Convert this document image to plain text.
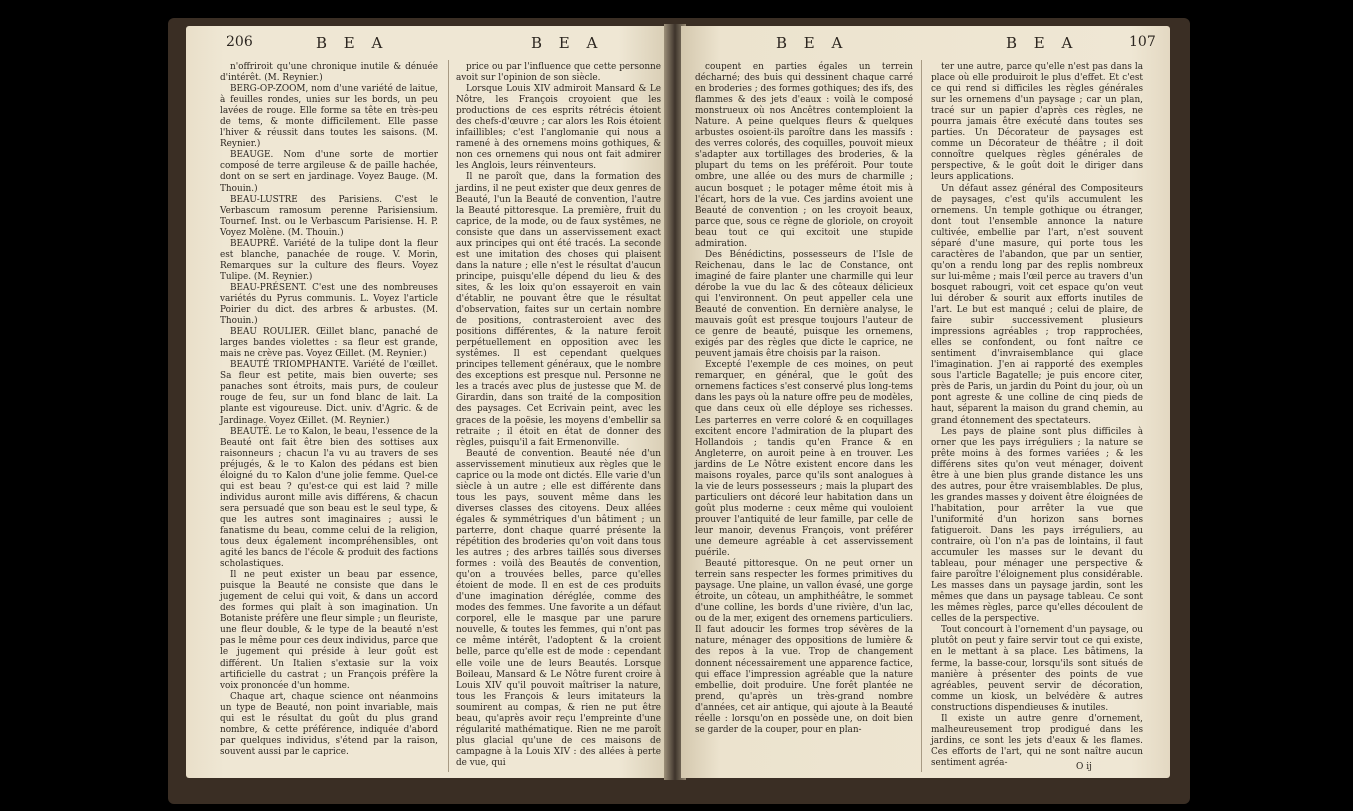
206	B E A	B E A

n'offriroit qu'une chronique inutile & dénuée d'intérêt. (M. Reynier.)

BERG-OP-ZOOM, nom d'une variété de laitue, à feuilles rondes, unies sur les bords, un peu lavées de rouge. Elle forme sa tête en très-peu de tems, & monte difficilement. Elle passe l'hiver & réussit dans toutes les saisons. (M. Reynier.)

BEAUGE. Nom d'une sorte de mortier composé de terre argileuse & de paille hachée, dont on se sert en jardinage. Voyez Bauge. (M. Thouin.)

BEAU-LUSTRE des Parisiens. C'est le Verbascum ramosum perenne Parisiensium. Tournef. Inst. ou le Verbascum Parisiense. H. P. Voyez Molène. (M. Thouin.)

BEAUPRÉ. Variété de la tulipe dont la fleur est blanche, panachée de rouge. V. Morin, Remarques sur la culture des fleurs. Voyez Tulipe. (M. Reynier.)

BEAU-PRÉSENT. C'est une des nombreuses variétés du Pyrus communis. L. Voyez l'article Poirier du dict. des arbres & arbustes. (M. Thouin.)

BEAU ROULIER. Œillet blanc, panaché de larges bandes violettes : sa fleur est grande, mais ne crève pas. Voyez Œillet. (M. Reynier.)

BEAUTÉ TRIOMPHANTE. Variété de l'œillet. Sa fleur est petite, mais bien ouverte; ses panaches sont étroits, mais purs, de couleur rouge de feu, sur un fond blanc de lait. La plante est vigoureuse. Dict. univ. d'Agric. & de Jardinage. Voyez Œillet. (M. Reynier.)

BEAUTÉ. Le το Kalon, le beau, l'essence de la Beauté ont fait être bien des sottises aux raisonneurs ; chacun l'a vu au travers de ses préjugés, & le το Kalon des pédans est bien éloigné du το Kalon d'une jolie femme. Quel-ce qui est beau ? qu'est-ce qui est laid ? mille individus auront mille avis différens, & chacun sera persuadé que son beau est le seul type, & que les autres sont imaginaires ; aussi le fanatisme du beau, comme celui de la religion, tous deux également incompréhensibles, ont agité les bancs de l'école & produit des factions scholastiques.

Il ne peut exister un beau par essence, puisque la Beauté ne consiste que dans le jugement de celui qui voit, & dans un accord des formes qui plaît à son imagination. Un Botaniste préfère une fleur simple ; un fleuriste, une fleur double, & le type de la beauté n'est pas le même pour ces deux individus, parce que le jugement qui préside à leur goût est différent. Un Italien s'extasie sur la voix artificielle du castrat ; un François préfère la voix prononcée d'un homme.

Chaque art, chaque science ont néanmoins un type de Beauté, non point invariable, mais qui est le résultat du goût du plus grand nombre, & cette préférence, indiquée d'abord par quelques individus, s'étend par la raison, souvent aussi par le caprice.

price ou par l'influence que cette personne avoit sur l'opinion de son siècle.

Lorsque Louis XIV admiroit Mansard & Le Nôtre, les François croyoient que les productions de ces esprits rétrécis étoient des chefs-d'œuvre ; car alors les Rois étoient infaillibles; c'est l'anglomanie qui nous a ramené à des ornemens moins gothiques, & non ces ornemens qui nous ont fait admirer les Anglois, leurs réinventeurs.

Il ne paroît que, dans la formation des jardins, il ne peut exister que deux genres de Beauté, l'un la Beauté de convention, l'autre la Beauté pittoresque. La première, fruit du caprice, de la mode, ou de faux systêmes, ne consiste que dans un asservissement exact aux principes qui ont été tracés. La seconde est une imitation des choses qui plaisent dans la nature ; elle n'est le résultat d'aucun principe, puisqu'elle dépend du lieu & des sites, & les loix qu'on essayeroit en vain d'établir, ne pouvant être que le résultat d'observation, faites sur un certain nombre de positions, contrasteroient avec des positions différentes, & la nature feroit perpétuellement en opposition avec les systêmes. Il est cependant quelques principes tellement généraux, que le nombre des exceptions est presque nul. Personne ne les a tracés avec plus de justesse que M. de Girardin, dans son traité de la composition des paysages. Cet Ecrivain peint, avec les graces de la poësie, les moyens d'embellir sa retraite ; il étoit en état de donner des règles, puisqu'il a fait Ermenonville.

Beauté de convention. Beauté née d'un asservissement minutieux aux règles que le caprice ou la mode ont dictés. Elle varie d'un siècle à un autre ; elle est différente dans tous les pays, souvent même dans les diverses classes des citoyens. Deux allées égales & symmétriques d'un bâtiment ; un parterre, dont chaque quarré présente la répétition des broderies qu'on voit dans tous les autres ; des arbres taillés sous diverses formes : voilà des Beautés de convention, qu'on a trouvées belles, parce qu'elles étoient de mode. Il en est de ces produits d'une imagination déréglée, comme des modes des femmes. Une favorite a un défaut corporel, elle le masque par une parure nouvelle, & toutes les femmes, qui n'ont pas ce même intérêt, l'adoptent & la croient belle, parce qu'elle est de mode : cependant elle voile une de leurs Beautés. Lorsque Boileau, Mansard & Le Nôtre furent croire à Louis XIV qu'il pouvoit maîtriser la nature, tous les François & leurs imitateurs la soumirent au compas, & rien ne put être beau, qu'après avoir reçu l'empreinte d'une régularité mathématique. Rien ne me paroît plus glacial qu'une de ces maisons de campagne à la Louis XIV : des allées à perte de vue, qui

B E A	B E A	107

coupent en parties égales un terrein décharné; des buis qui dessinent chaque carré en broderies ; des formes gothiques; des ifs, des flammes & des jets d'eaux : voilà le composé monstrueux où nos Ancêtres contemploient la Nature. A peine quelques fleurs & quelques arbustes osoient-ils paroître dans les massifs : des verres colorés, des coquilles, pouvoit mieux s'adapter aux tortillages des broderies, & la plupart du tems on les préféroit. Pour toute ombre, une allée ou des murs de charmille ; aucun bosquet ; le potager même étoit mis à l'écart, hors de la vue. Ces jardins avoient une Beauté de convention ; on les croyoit beaux, parce que, sous ce règne de gloriole, on croyoit beau tout ce qui excitoit une stupide admiration.

Des Bénédictins, possesseurs de l'Isle de Reichenau, dans le lac de Constance, ont imaginé de faire planter une charmille qui leur dérobe la vue du lac & des côteaux délicieux qui l'environnent. On peut appeller cela une Beauté de convention. En dernière analyse, le mauvais goût est presque toujours l'auteur de ce genre de beauté, puisque les ornemens, exigés par des règles que dicte le caprice, ne peuvent jamais être choisis par la raison.

Excepté l'exemple de ces moines, on peut remarquer, en général, que le goût des ornemens factices s'est conservé plus long-tems dans les pays où la nature offre peu de modèles, que dans ceux où elle déploye ses richesses. Les parterres en verre coloré & en coquillages excitent encore l'admiration de la plupart des Hollandois ; tandis qu'en France & en Angleterre, on auroit peine à en trouver. Les jardins de Le Nôtre existent encore dans les maisons royales, parce qu'ils sont analogues à la vie de leurs possesseurs ; mais la plupart des particuliers ont décoré leur habitation dans un goût plus moderne : ceux même qui vouloient prouver l'antiquité de leur famille, par celle de leur manoir, devenus François, vont préférer une demeure agréable à cet asservissement puérile.

Beauté pittoresque. On ne peut orner un terrein sans respecter les formes primitives du paysage. Une plaine, un vallon évasé, une gorge étroite, un côteau, un amphithéâtre, le sommet d'une colline, les bords d'une rivière, d'un lac, ou de la mer, exigent des ornemens particuliers. Il faut adoucir les formes trop sévères de la nature, ménager des oppositions de lumière & des repos à la vue. Trop de changement donnent nécessairement une apparence factice, qui efface l'impression agréable que la nature embellie, doit produire. Une forêt plantée ne prend, qu'après un très-grand nombre d'années, cet air antique, qui ajoute à la Beauté réelle : lorsqu'on en possède une, on doit bien se garder de la couper, pour en plan-

ter une autre, parce qu'elle n'est pas dans la place où elle produiroit le plus d'effet. Et c'est ce qui rend si difficiles les règles générales sur les ornemens d'un paysage ; car un plan, tracé sur un papier d'après ces règles, ne pourra jamais être exécuté dans toutes ses parties. Un Décorateur de paysages est comme un Décorateur de théâtre ; il doit connoître quelques règles générales de perspective, & le goût doit le diriger dans leurs applications.

Un défaut assez général des Compositeurs de paysages, c'est qu'ils accumulent les ornemens. Un temple gothique ou étranger, dont tout l'ensemble annonce la nature cultivée, embellie par l'art, n'est souvent séparé d'une masure, qui porte tous les caractères de l'abandon, que par un sentier, qu'on a rendu long par des replis nombreux sur lui-même ; mais l'œil perce au travers d'un bosquet rabougri, voit cet espace qu'on veut lui dérober & sourit aux efforts inutiles de l'art. Le but est manqué ; celui de plaire, de faire subir successivement plusieurs impressions agréables ; trop rapprochées, elles se confondent, ou font naître ce sentiment d'invraisemblance qui glace l'imagination. J'en ai rapporté des exemples sous l'article Bagatelle; je puis encore citer, près de Paris, un jardin du Point du jour, où un pont agreste & une colline de cinq pieds de haut, séparent la maison du grand chemin, au grand étonnement des spectateurs.

Les pays de plaine sont plus difficiles à orner que les pays irréguliers ; la nature se prête moins à des formes variées ; & les différens sites qu'on veut ménager, doivent être à une bien plus grande distance les uns des autres, pour être vraisemblables. De plus, les grandes masses y doivent être éloignées de l'habitation, pour arrêter la vue que l'uniformité d'un horizon sans bornes fatigueroit. Dans les pays irréguliers, au contraire, où l'on n'a pas de lointains, il faut accumuler les masses sur le devant du tableau, pour ménager une perspective & faire paroître l'éloignement plus considérable. Les masses dans un paysage jardin, sont les mêmes que dans un paysage tableau. Ce sont les mêmes règles, parce qu'elles découlent de celles de la perspective.

Tout concourt à l'ornement d'un paysage, ou plutôt on peut y faire servir tout ce qui existe, en le mettant à sa place. Les bâtimens, la ferme, la basse-cour, lorsqu'ils sont situés de manière à présenter des points de vue agréables, peuvent servir de décoration, comme un kiosk, un belvédère & autres constructions dispendieuses & inutiles.

Il existe un autre genre d'ornement, malheureusement trop prodigué dans les jardins, ce sont les jets d'eaux & les flames. Ces efforts de l'art, qui ne sont naître aucun sentiment agréa-	O ij
